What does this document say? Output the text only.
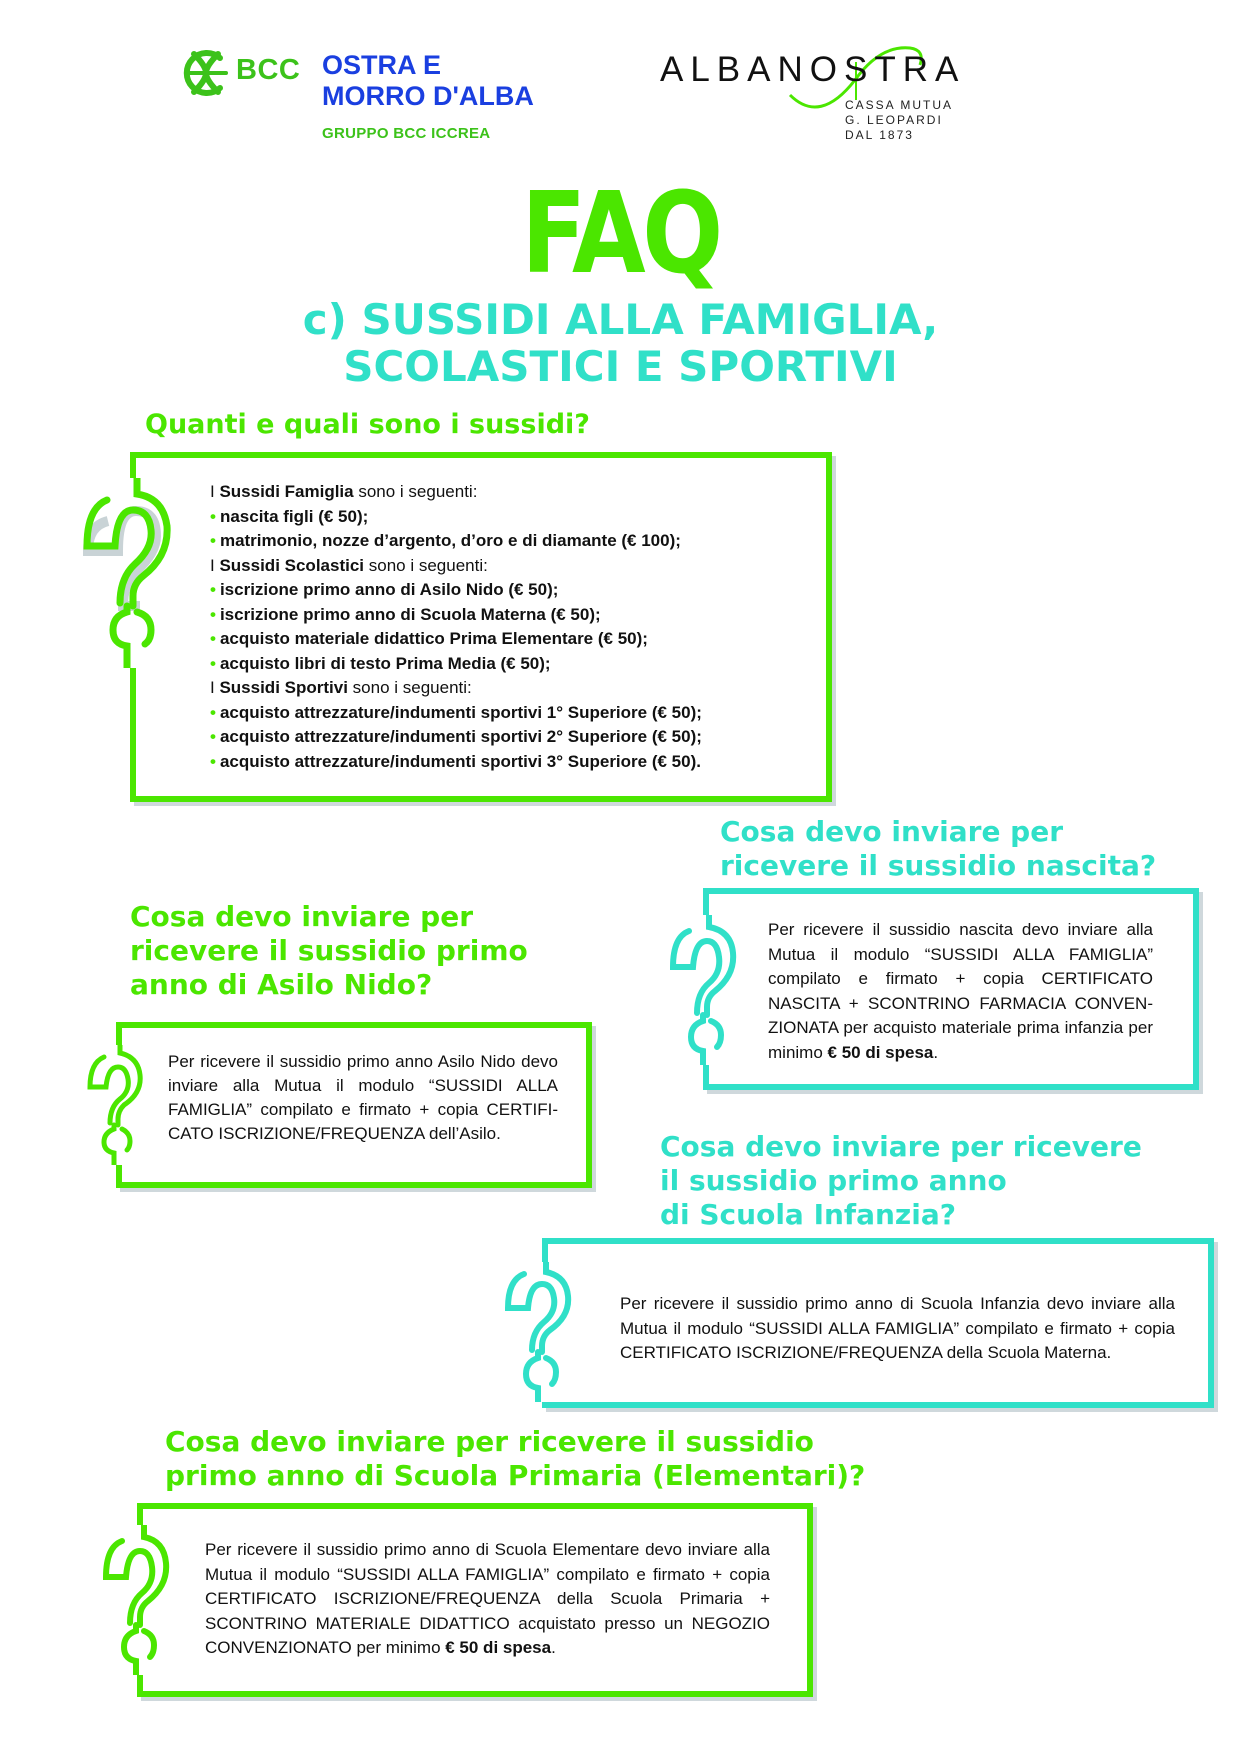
BCC OSTRA E
MORRO D'ALBA
GRUPPO BCC ICCREA
ALBANOSTRA
CASSA MUTUA
G. LEOPARDI
DAL 1873
FAQ
c) SUSSIDI ALLA FAMIGLIA,
SCOLASTICI E SPORTIVI
Quanti e quali sono i sussidi?
I Sussidi Famiglia sono i seguenti:
• nascita figli (€ 50);
• matrimonio, nozze d’argento, d’oro e di diamante (€ 100);
I Sussidi Scolastici sono i seguenti:
• iscrizione primo anno di Asilo Nido (€ 50);
• iscrizione primo anno di Scuola Materna (€ 50);
• acquisto materiale didattico Prima Elementare (€ 50);
• acquisto libri di testo Prima Media (€ 50);
I Sussidi Sportivi sono i seguenti:
• acquisto attrezzature/indumenti sportivi 1° Superiore (€ 50);
• acquisto attrezzature/indumenti sportivi 2° Superiore (€ 50);
• acquisto attrezzature/indumenti sportivi 3° Superiore (€ 50).
Cosa devo inviare per
ricevere il sussidio nascita?
Per ricevere il sussidio nascita devo inviare alla Mutua il modulo “SUSSIDI ALLA FAMIGLIA” compilato e firmato + copia CERTIFICATO NASCITA + SCONTRINO FARMACIA CONVEN-ZIONATA per acquisto materiale prima infanzia per minimo € 50 di spesa.
Cosa devo inviare per
ricevere il sussidio primo
anno di Asilo Nido?
Per ricevere il sussidio primo anno Asilo Nido devo inviare alla Mutua il modulo “SUSSIDI ALLA FAMIGLIA” compilato e firmato + copia CERTIFI-CATO ISCRIZIONE/FREQUENZA dell’Asilo.	Cosa devo inviare per ricevere
il sussidio primo anno
di Scuola Infanzia?
Per ricevere il sussidio primo anno di Scuola Infanzia devo inviare alla Mutua il modulo “SUSSIDI ALLA FAMIGLIA” compilato e firmato + copia CERTIFICATO ISCRIZIONE/FREQUENZA della Scuola Materna.
Cosa devo inviare per ricevere il sussidio
primo anno di Scuola Primaria (Elementari)?
Per ricevere il sussidio primo anno di Scuola Elementare devo inviare alla Mutua il modulo “SUSSIDI ALLA FAMIGLIA” compilato e firmato + copia CERTIFICATO ISCRIZIONE/FREQUENZA della Scuola Primaria + SCONTRINO MATERIALE DIDATTICO acquistato presso un NEGOZIO CONVENZIONATO per minimo € 50 di spesa.
